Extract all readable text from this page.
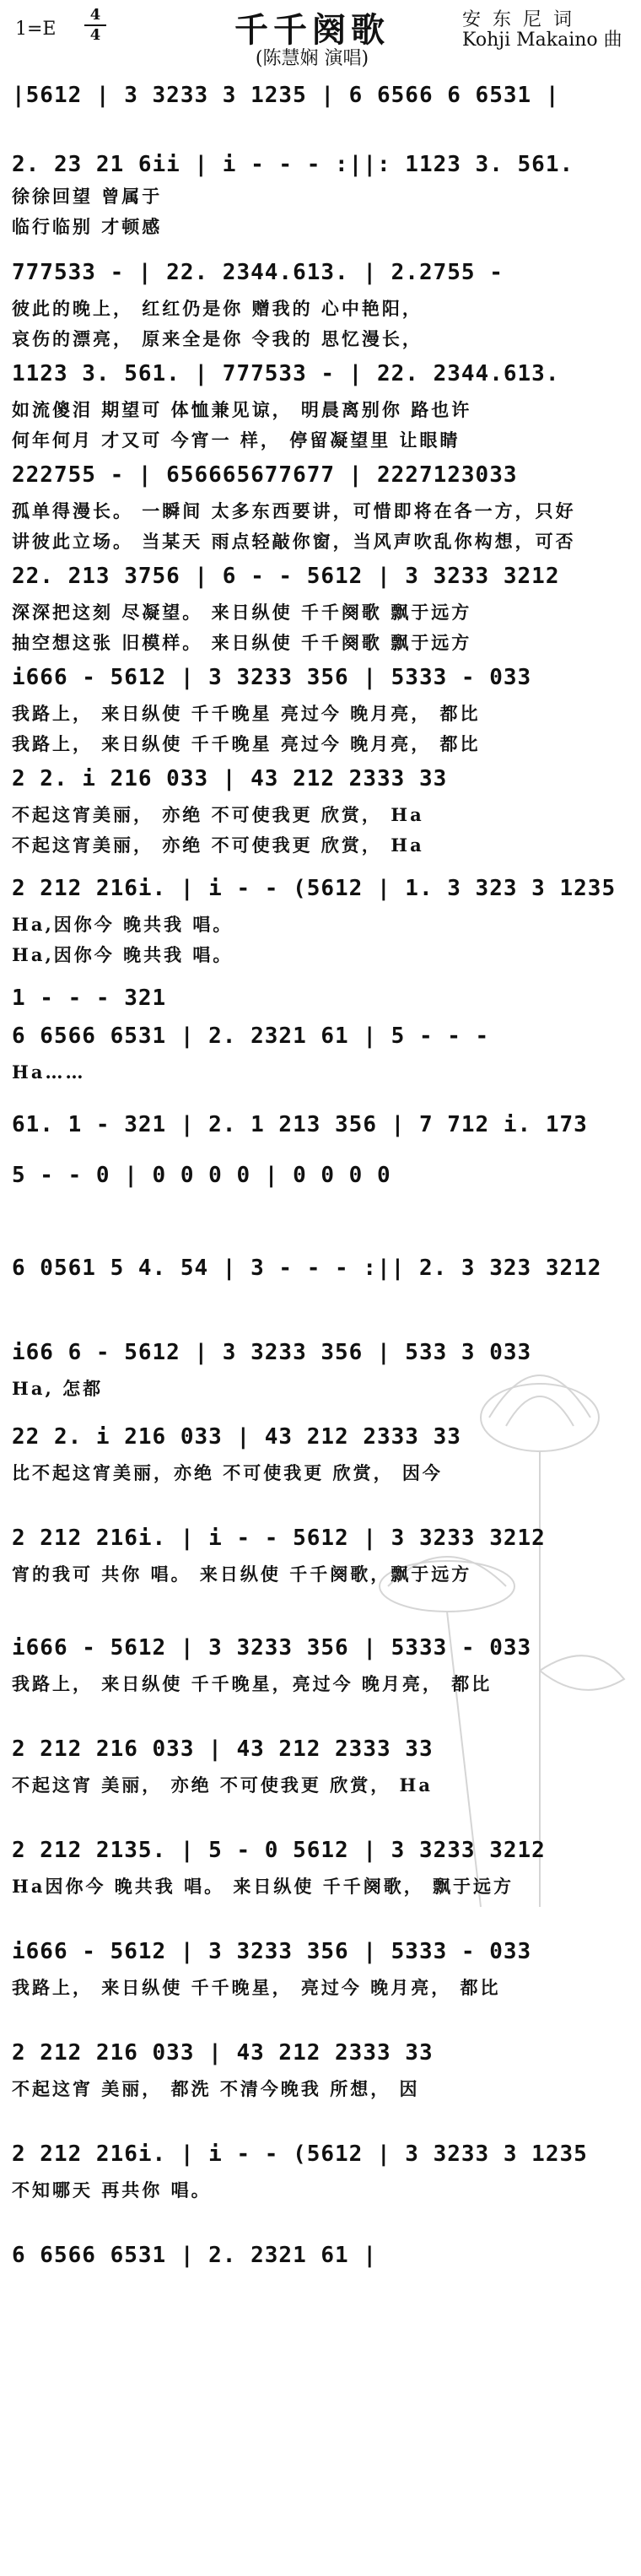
1=E
4
4	千千阕歌
(陈慧娴 演唱)
安东尼词
Kohji Makaino 曲
|5612 | 3 3233 3 1235 | 6 6566 6 6531 |
2. 23 21 6ii | i - - - :||: 1123 3. 561.
徐徐回望 曾属于
临行临别 才顿感
777533 - | 22. 2344.613. | 2.2755 -
彼此的晚上， 红红仍是你 赠我的 心中艳阳，
哀伤的漂亮， 原来全是你 令我的 思忆漫长，
1123 3. 561. | 777533 - | 22. 2344.613.
如流傻泪 期望可 体恤兼见谅， 明晨离别你 路也许
何年何月 才又可 今宵一 样， 停留凝望里 让眼睛
222755 - | 656665677677 | 2227123033
孤单得漫长。 一瞬间 太多东西要讲，可惜即将在各一方，只好
讲彼此立场。 当某天 雨点轻敲你窗，当风声吹乱你构想，可否
22. 213 3756 | 6 - - 5612 | 3 3233 3212
深深把这刻 尽凝望。 来日纵使 千千阕歌 飘于远方
抽空想这张 旧模样。 来日纵使 千千阕歌 飘于远方
i666 - 5612 | 3 3233 356 | 5333 - 033
我路上， 来日纵使 千千晚星 亮过今 晚月亮， 都比
我路上， 来日纵使 千千晚星 亮过今 晚月亮， 都比
2 2. i 216 033 | 43 212 2333 33
不起这宵美丽， 亦绝 不可使我更 欣赏， Ha
不起这宵美丽， 亦绝 不可使我更 欣赏， Ha
2 212 216i. | i - - (5612 | 1. 3 323 3 1235
Ha,因你今 晚共我 唱。
Ha,因你今 晚共我 唱。
1 - - - 321
6 6566 6531 | 2. 2321 61 | 5 - - -
Ha……
61. 1 - 321 | 2. 1 213 356 | 7 712 i. 173
5 - - 0 | 0 0 0 0 | 0 0 0 0
6 0561 5 4. 54 | 3 - - - :|| 2. 3 323 3212
i66 6 - 5612 | 3 3233 356 | 533 3 033
Ha, 怎都
22 2. i 216 033 | 43 212 2333 33
比不起这宵美丽，亦绝 不可使我更 欣赏， 因今
2 212 216i. | i - - 5612 | 3 3233 3212
宵的我可 共你 唱。 来日纵使 千千阕歌，飘于远方
i666 - 5612 | 3 3233 356 | 5333 - 033
我路上， 来日纵使 千千晚星，亮过今 晚月亮， 都比
2 212 216 033 | 43 212 2333 33
不起这宵 美丽， 亦绝 不可使我更 欣赏， Ha
2 212 2135. | 5 - 0 5612 | 3 3233 3212
Ha因你今 晚共我 唱。 来日纵使 千千阕歌， 飘于远方
i666 - 5612 | 3 3233 356 | 5333 - 033
我路上， 来日纵使 千千晚星， 亮过今 晚月亮， 都比
2 212 216 033 | 43 212 2333 33
不起这宵 美丽， 都洗 不清今晚我 所想， 因
2 212 216i. | i - - (5612 | 3 3233 3 1235
不知哪天 再共你 唱。
6 6566 6531 | 2. 2321 61 |
